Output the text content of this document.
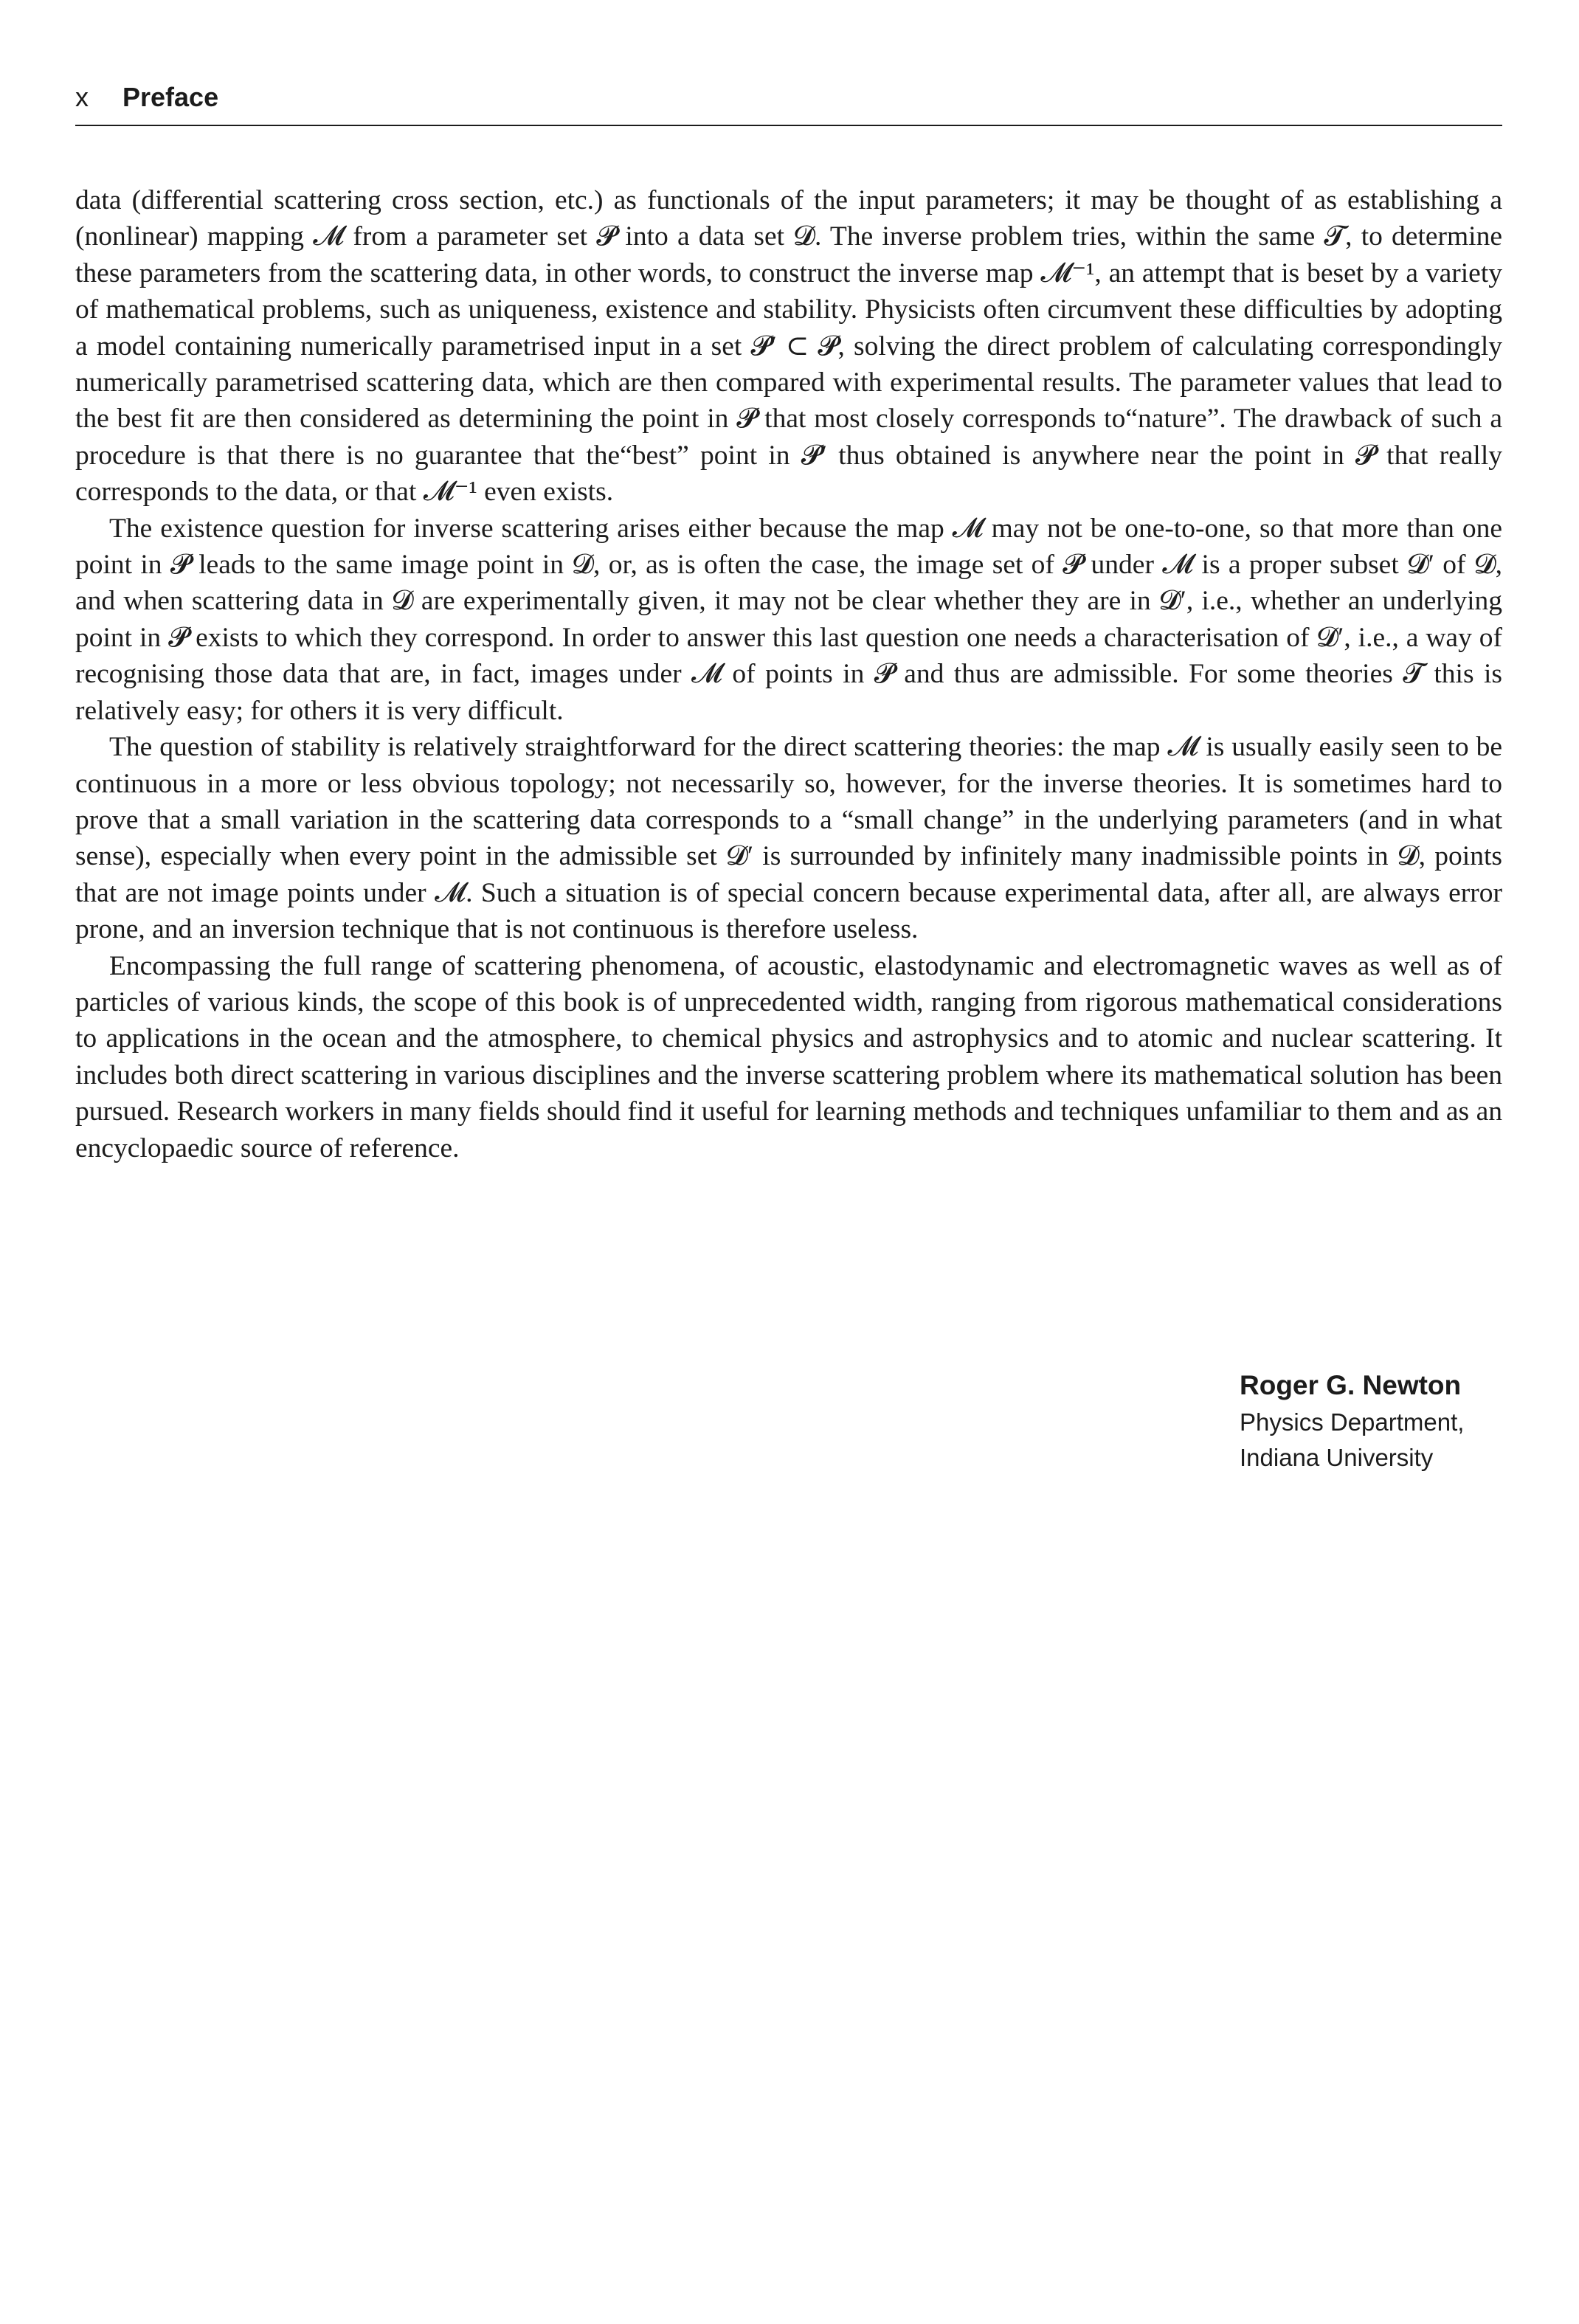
x Preface

data (differential scattering cross section, etc.) as functionals of the input parameters; it may be thought of as establishing a (nonlinear) mapping 𝓜 from a parameter set 𝓟 into a data set 𝓓. The inverse problem tries, within the same 𝓣, to determine these parameters from the scattering data, in other words, to construct the inverse map 𝓜⁻¹, an attempt that is beset by a variety of mathematical problems, such as uniqueness, existence and stability. Physicists often circumvent these difficulties by adopting a model containing numerically parametrised input in a set 𝓟′ ⊂ 𝓟, solving the direct problem of calculating correspondingly numerically parametrised scattering data, which are then compared with experimental results. The parameter values that lead to the best fit are then considered as determining the point in 𝓟 that most closely corresponds to“nature”. The drawback of such a procedure is that there is no guarantee that the“best” point in 𝓟′ thus obtained is anywhere near the point in 𝓟 that really corresponds to the data, or that 𝓜⁻¹ even exists.

The existence question for inverse scattering arises either because the map 𝓜 may not be one-to-one, so that more than one point in 𝓟 leads to the same image point in 𝓓, or, as is often the case, the image set of 𝓟 under 𝓜 is a proper subset 𝓓′ of 𝓓, and when scattering data in 𝓓 are experimentally given, it may not be clear whether they are in 𝓓′, i.e., whether an underlying point in 𝓟 exists to which they correspond. In order to answer this last question one needs a characterisation of 𝓓′, i.e., a way of recognising those data that are, in fact, images under 𝓜 of points in 𝓟 and thus are admissible. For some theories 𝓣 this is relatively easy; for others it is very difficult.

The question of stability is relatively straightforward for the direct scattering theories: the map 𝓜 is usually easily seen to be continuous in a more or less obvious topology; not necessarily so, however, for the inverse theories. It is sometimes hard to prove that a small variation in the scattering data corresponds to a “small change” in the underlying parameters (and in what sense), especially when every point in the admissible set 𝓓′ is surrounded by infinitely many inadmissible points in 𝓓, points that are not image points under 𝓜. Such a situation is of special concern because experimental data, after all, are always error prone, and an inversion technique that is not continuous is therefore useless.

Encompassing the full range of scattering phenomena, of acoustic, elastodynamic and electromagnetic waves as well as of particles of various kinds, the scope of this book is of unprecedented width, ranging from rigorous mathematical considerations to applications in the ocean and the atmosphere, to chemical physics and astrophysics and to atomic and nuclear scattering. It includes both direct scattering in various disciplines and the inverse scattering problem where its mathematical solution has been pursued. Research workers in many fields should find it useful for learning methods and techniques unfamiliar to them and as an encyclopaedic source of reference.

Roger G. Newton
Physics Department,
Indiana University
